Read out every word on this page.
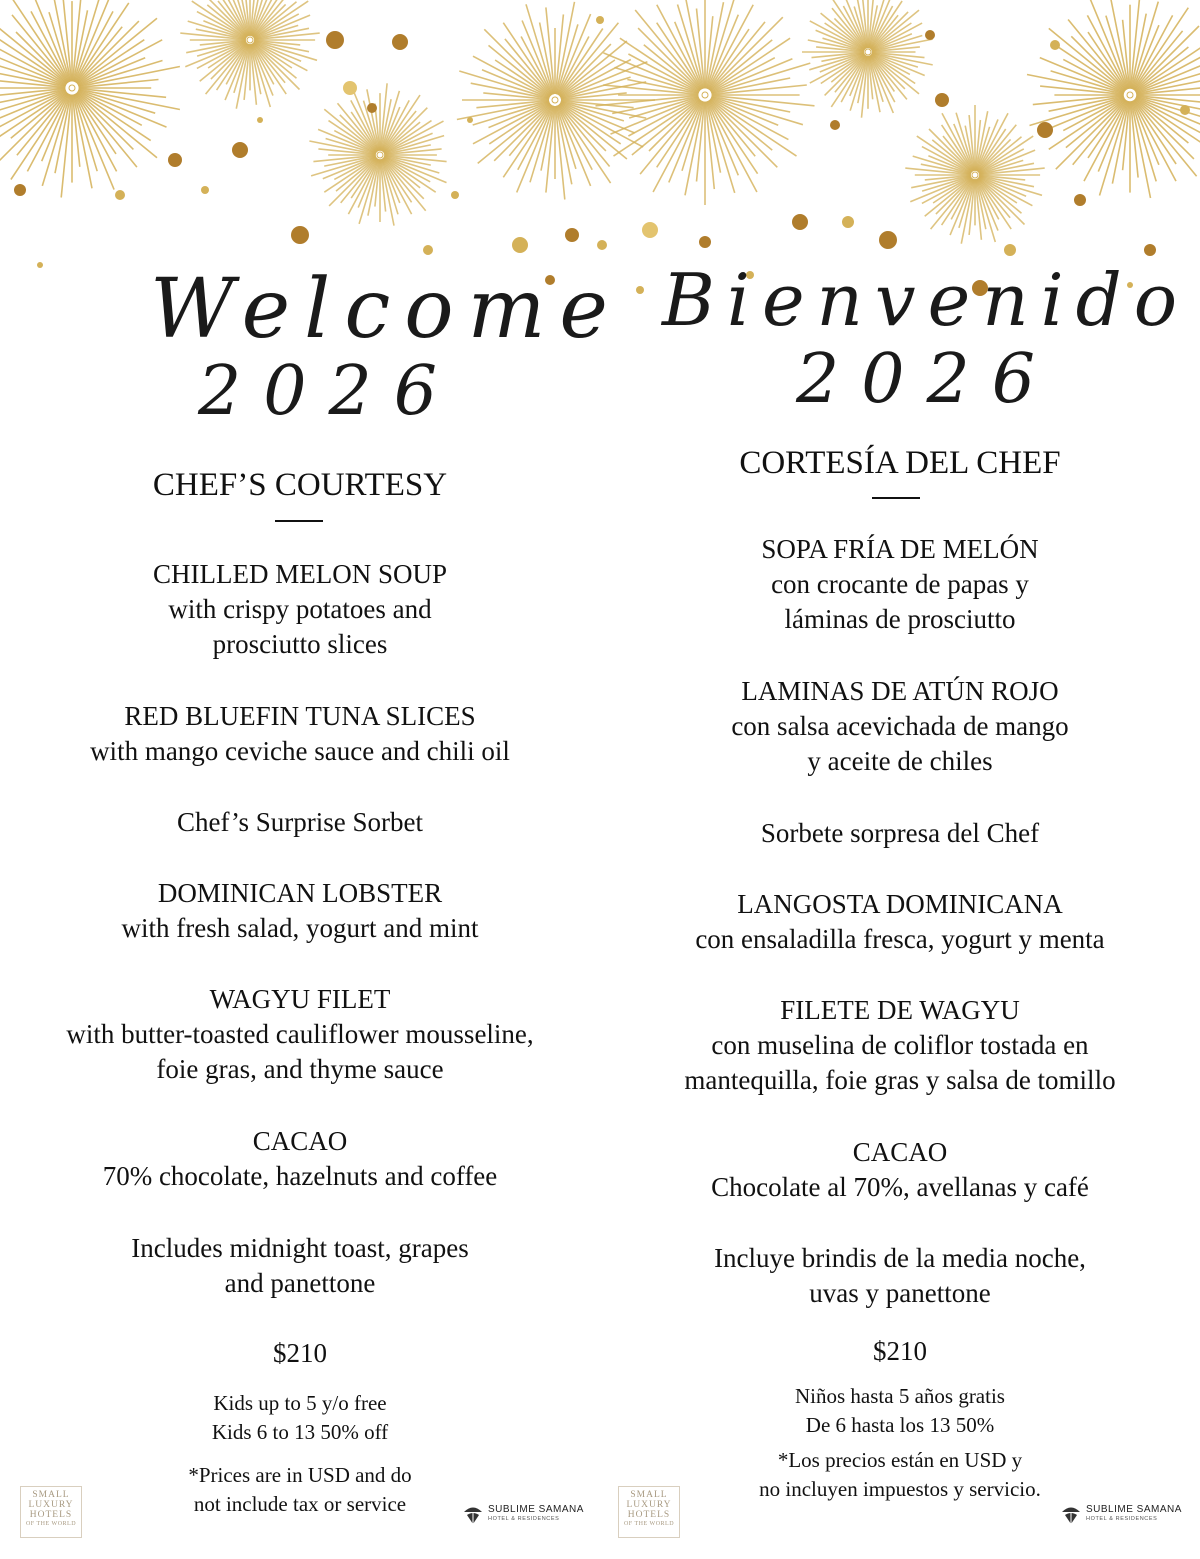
Welcome
2026
CHEF’S COURTESY
CHILLED MELON SOUP
with crispy potatoes and
prosciutto slices
RED BLUEFIN TUNA SLICES
with mango ceviche sauce and chili oil
Chef’s Surprise Sorbet
DOMINICAN LOBSTER
with fresh salad, yogurt and mint
WAGYU FILET
with butter-toasted cauliflower mousseline,
foie gras, and thyme sauce
CACAO
70% chocolate, hazelnuts and coffee
Includes midnight toast, grapes
and panettone
$210
Kids up to 5 y/o free
Kids 6 to 13 50% off
*Prices are in USD and do
not include tax or service
SMALL
LUXURY
HOTELS
OF THE WORLD
SUBLIME SAMANA
HOTEL & RESIDENCES
Bienvenido
2026
CORTESÍA DEL CHEF
SOPA FRÍA DE MELÓN
con crocante de papas y
láminas de prosciutto
LAMINAS DE ATÚN ROJO
con salsa acevichada de mango
y aceite de chiles
Sorbete sorpresa del Chef
LANGOSTA DOMINICANA
con ensaladilla fresca, yogurt y menta
FILETE DE WAGYU
con muselina de coliflor tostada en
mantequilla, foie gras y salsa de tomillo
CACAO
Chocolate al 70%, avellanas y café
Incluye brindis de la media noche,
uvas y panettone
$210
Niños hasta 5 años gratis
De 6 hasta los 13 50%
*Los precios están en USD y
no incluyen impuestos y servicio.
SMALL
LUXURY
HOTELS
OF THE WORLD
SUBLIME SAMANA
HOTEL & RESIDENCES
